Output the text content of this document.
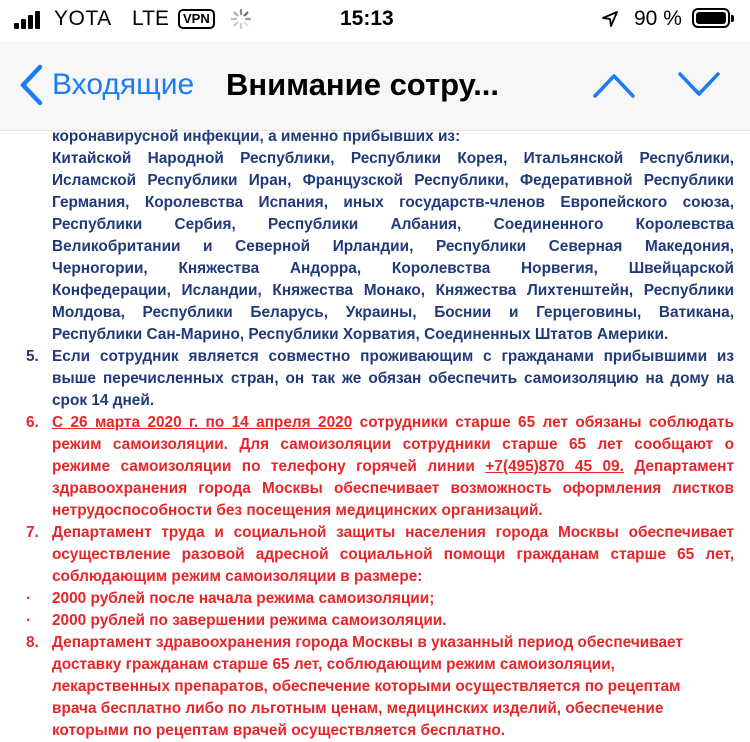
YOTA LTE	VPN	15:13	90 %
Входящие Внимание сотру...
коронавирусной инфекции, а именно прибывших из:
Китайской Народной Республики, Республики Корея, Итальянской Республики,
Исламской Республики Иран, Французской Республики, Федеративной Республики
Германия, Королевства Испания, иных государств-членов Европейского союза,
Республики Сербия, Республики Албания, Соединенного Королевства
Великобритании и Северной Ирландии, Республики Северная Македония,
Черногории, Княжества Андорра, Королевства Норвегия, Швейцарской
Конфедерации, Исландии, Княжества Монако, Княжества Лихтенштейн, Республики
Молдова, Республики Беларусь, Украины, Боснии и Герцеговины, Ватикана,
Республики Сан-Марино, Республики Хорватия, Соединенных Штатов Америки.
5. Если сотрудник является совместно проживающим с гражданами прибывшими из
выше перечисленных стран, он так же обязан обеспечить самоизоляцию на дому на
срок 14 дней.
6. С 26 марта 2020 г. по 14 апреля 2020 сотрудники старше 65 лет обязаны соблюдать
режим самоизоляции. Для самоизоляции сотрудники старше 65 лет сообщают о
режиме самоизоляции по телефону горячей линии +7(495)870 45 09. Департамент
здравоохранения города Москвы обеспечивает возможность оформления листков
нетрудоспособности без посещения медицинских организаций.
7. Департамент труда и социальной защиты населения города Москвы обеспечивает
осуществление разовой адресной социальной помощи гражданам старше 65 лет,
соблюдающим режим самоизоляции в размере:
· 2000 рублей после начала режима самоизоляции;
· 2000 рублей по завершении режима самоизоляции.
8. Департамент здравоохранения города Москвы в указанный период обеспечивает
доставку гражданам старше 65 лет, соблюдающим режим самоизоляции,
лекарственных препаратов, обеспечение которыми осуществляется по рецептам
врача бесплатно либо по льготным ценам, медицинских изделий, обеспечение
которыми по рецептам врачей осуществляется бесплатно.
